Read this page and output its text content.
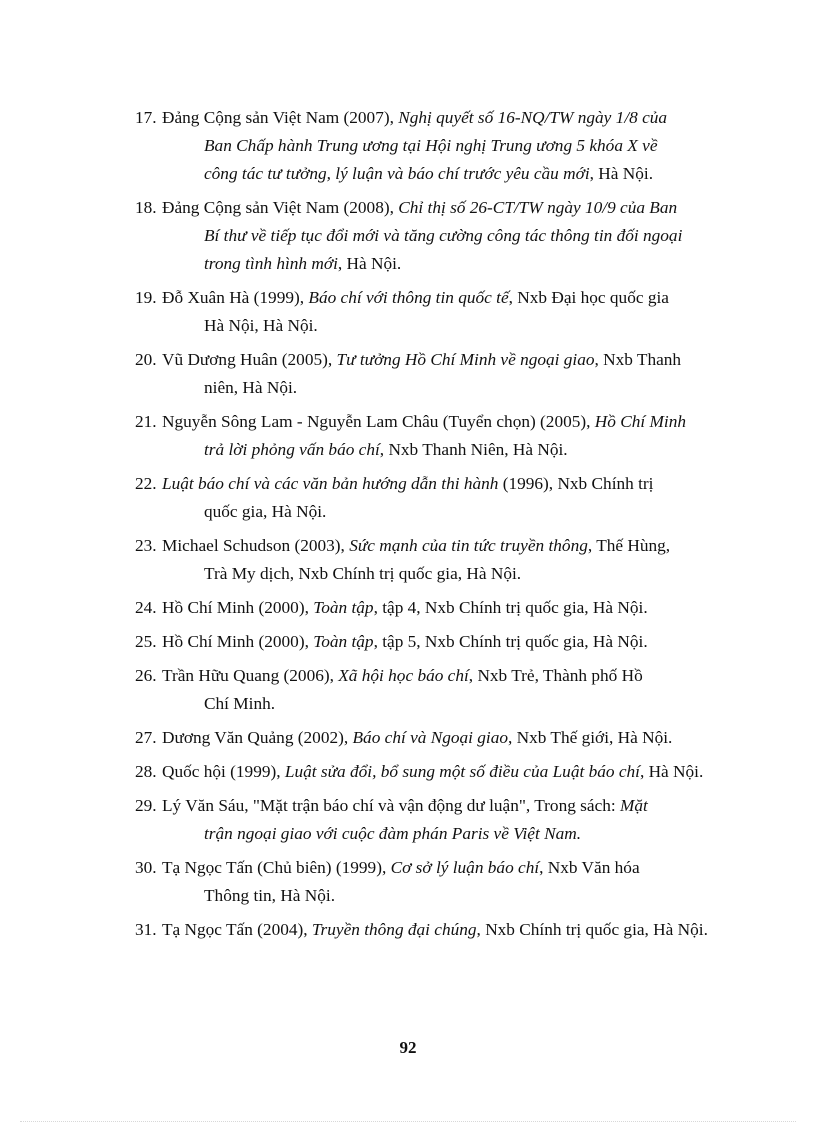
17. Đảng Cộng sản Việt Nam (2007), Nghị quyết số 16-NQ/TW ngày 1/8 của
Ban Chấp hành Trung ương tại Hội nghị Trung ương 5 khóa X về
công tác tư tưởng, lý luận và báo chí trước yêu cầu mới, Hà Nội.
18. Đảng Cộng sản Việt Nam (2008), Chỉ thị số 26-CT/TW ngày 10/9 của Ban
Bí thư về tiếp tục đổi mới và tăng cường công tác thông tin đối ngoại
trong tình hình mới, Hà Nội.
19. Đỗ Xuân Hà (1999), Báo chí với thông tin quốc tế, Nxb Đại học quốc gia
Hà Nội, Hà Nội.
20. Vũ Dương Huân (2005), Tư tưởng Hồ Chí Minh về ngoại giao, Nxb Thanh
niên, Hà Nội.
21. Nguyễn Sông Lam - Nguyễn Lam Châu (Tuyển chọn) (2005), Hồ Chí Minh
trả lời phỏng vấn báo chí, Nxb Thanh Niên, Hà Nội.
22. Luật báo chí và các văn bản hướng dẫn thi hành (1996), Nxb Chính trị
quốc gia, Hà Nội.
23. Michael Schudson (2003), Sức mạnh của tin tức truyền thông, Thế Hùng,
Trà My dịch, Nxb Chính trị quốc gia, Hà Nội.
24. Hồ Chí Minh (2000), Toàn tập, tập 4, Nxb Chính trị quốc gia, Hà Nội.
25. Hồ Chí Minh (2000), Toàn tập, tập 5, Nxb Chính trị quốc gia, Hà Nội.
26. Trần Hữu Quang (2006), Xã hội học báo chí, Nxb Trẻ, Thành phố Hồ
Chí Minh.
27. Dương Văn Quảng (2002), Báo chí và Ngoại giao, Nxb Thế giới, Hà Nội.
28. Quốc hội (1999), Luật sửa đổi, bổ sung một số điều của Luật báo chí, Hà Nội.
29. Lý Văn Sáu, "Mặt trận báo chí và vận động dư luận", Trong sách: Mặt
trận ngoại giao với cuộc đàm phán Paris về Việt Nam.
30. Tạ Ngọc Tấn (Chủ biên) (1999), Cơ sở lý luận báo chí, Nxb Văn hóa
Thông tin, Hà Nội.
31. Tạ Ngọc Tấn (2004), Truyền thông đại chúng, Nxb Chính trị quốc gia, Hà Nội.
92
